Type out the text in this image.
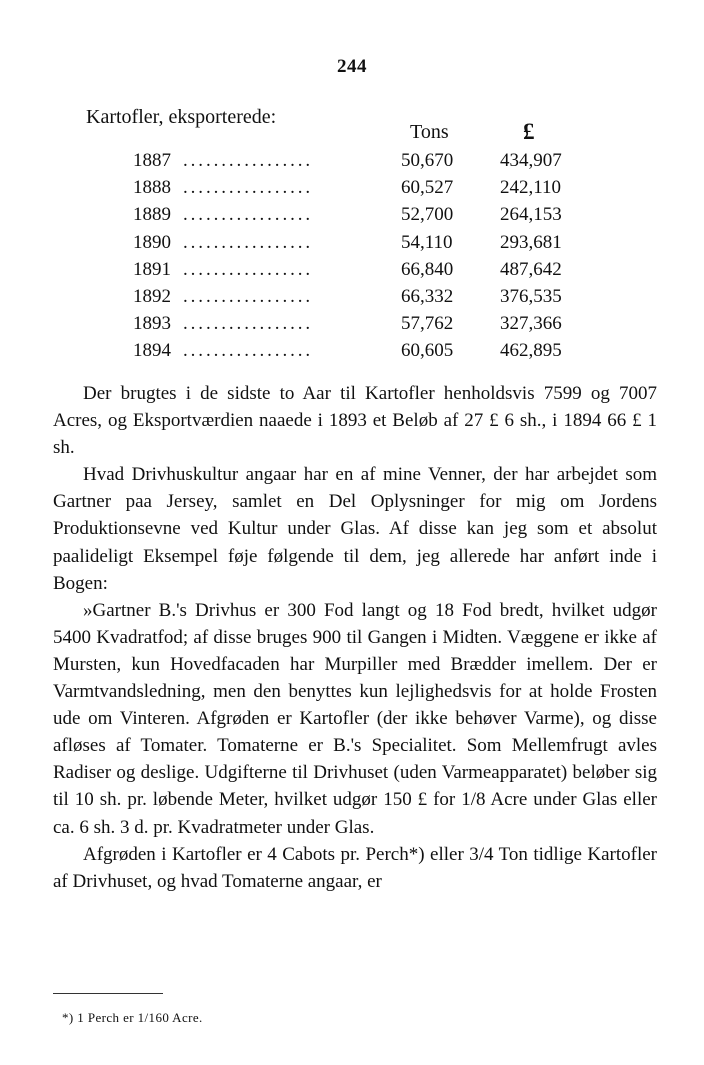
244
Kartofler, eksporterede:
Tons	£
1887 .................	50,670 434,907
1888 .................	60,527 242,110
1889 .................	52,700 264,153
1890 .................	54,110 293,681
1891 .................	66,840 487,642
1892 .................	66,332 376,535
1893 .................	57,762 327,366
1894 .................	60,605 462,895

Der brugtes i de sidste to Aar til Kartofler henholdsvis 7599 og 7007 Acres, og Eksportværdien naaede i 1893 et Beløb af 27 £ 6 sh., i 1894 66 £ 1 sh.

Hvad Drivhuskultur angaar har en af mine Venner, der har arbejdet som Gartner paa Jersey, samlet en Del Oplysninger for mig om Jordens Produktionsevne ved Kultur under Glas. Af disse kan jeg som et absolut paalideligt Eksempel føje følgende til dem, jeg allerede har anført inde i Bogen:

»Gartner B.'s Drivhus er 300 Fod langt og 18 Fod bredt, hvilket udgør 5400 Kvadratfod; af disse bruges 900 til Gangen i Midten. Væggene er ikke af Mursten, kun Hovedfacaden har Murpiller med Brædder imellem. Der er Varmtvandsledning, men den benyttes kun lejlighedsvis for at holde Frosten ude om Vinteren. Afgrøden er Kartofler (der ikke behøver Varme), og disse afløses af Tomater. Tomaterne er B.'s Specialitet. Som Mellemfrugt avles Radiser og deslige. Udgifterne til Drivhuset (uden Varmeapparatet) beløber sig til 10 sh. pr. løbende Meter, hvilket udgør 150 £ for 1/8 Acre under Glas eller ca. 6 sh. 3 d. pr. Kvadratmeter under Glas.

Afgrøden i Kartofler er 4 Cabots pr. Perch*) eller 3/4 Ton tidlige Kartofler af Drivhuset, og hvad Tomaterne angaar, er

*) 1 Perch er 1/160 Acre.
